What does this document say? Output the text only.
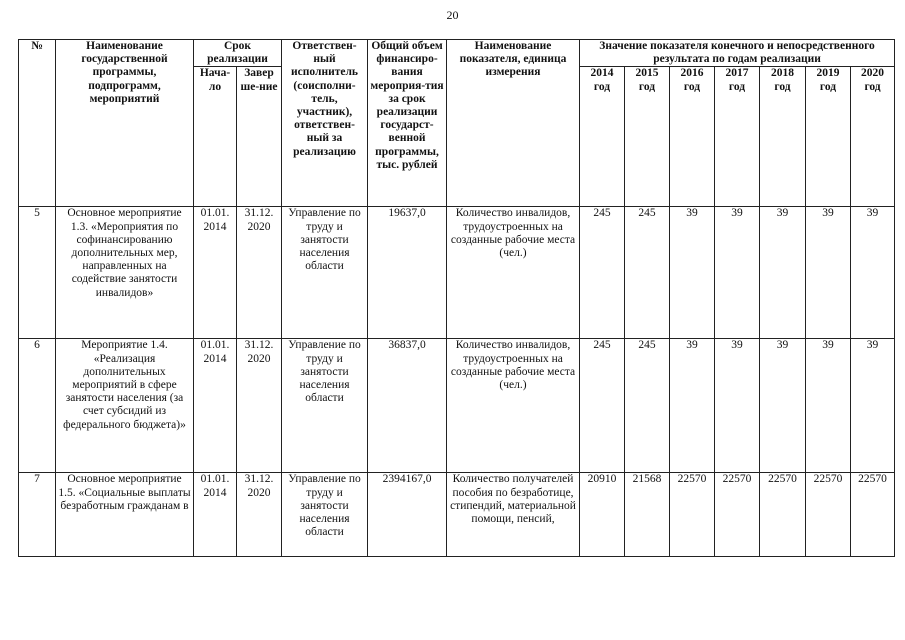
20
№	Наименование государственной программы, подпрограмм, мероприятий	Срок реализации		Ответствен-ный исполнитель (соисполни-тель, участник), ответствен-ный за реализацию	Общий объем финансиро-вания мероприя-тия за срок реализации государст-венной программы, тыс. рублей	Наименование показателя, единица измерения	Значение показателя конечного и непосредственного результата по годам реализации						
		Нача-ло	Завер ше-ние				2014 год	2015 год	2016 год	2017 год	2018 год	2019 год	2020 год
5	Основное мероприятие 1.3. «Мероприятия по софинансированию дополнительных мер, направленных на содействие занятости инвалидов»	01.01. 2014	31.12. 2020	Управление по труду и занятости населения области	19637,0	Количество инвалидов, трудоустроенных на созданные рабочие места (чел.)	245	245	39	39	39	39	39
6	Мероприятие 1.4. «Реализация дополнительных мероприятий в сфере занятости населения (за счет субсидий из федерального бюджета)»	01.01. 2014	31.12. 2020	Управление по труду и занятости населения области	36837,0	Количество инвалидов, трудоустроенных на созданные рабочие места (чел.)	245	245	39	39	39	39	39
7	Основное мероприятие 1.5. «Социальные выплаты безработным гражданам в	01.01. 2014	31.12. 2020	Управление по труду и занятости населения области	2394167,0	Количество получателей пособия по безработице, стипендий, материальной помощи, пенсий,	20910	21568	22570	22570	22570	22570	22570
